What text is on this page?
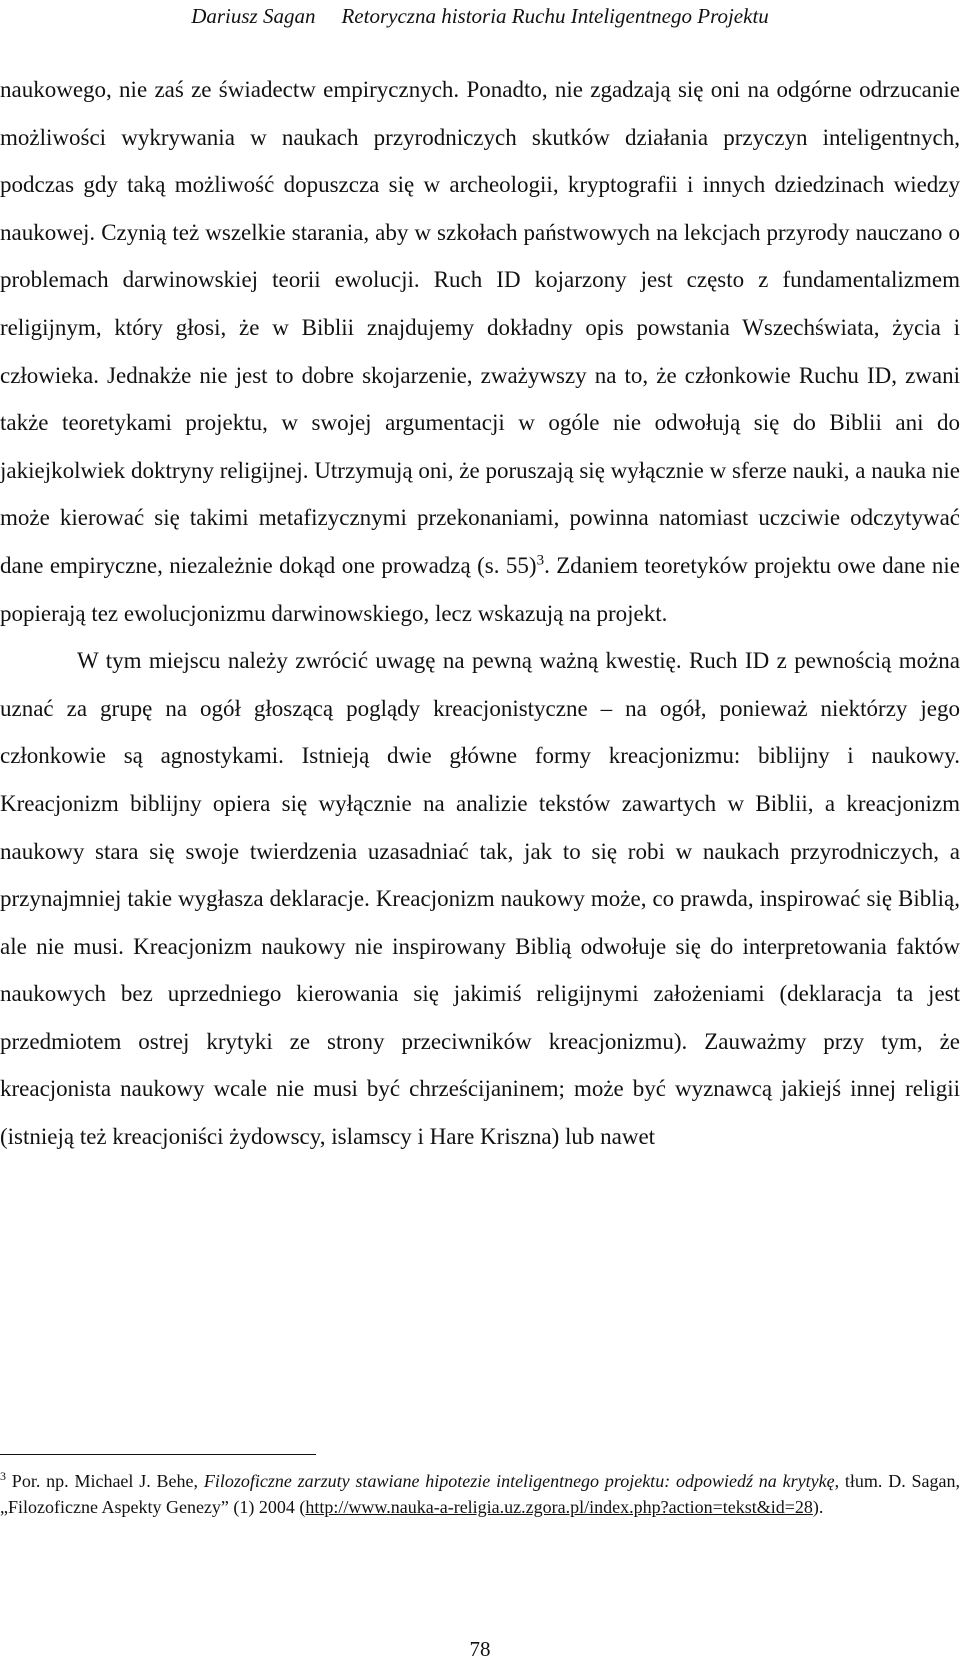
Dariusz Sagan Retoryczna historia Ruchu Inteligentnego Projektu

naukowego, nie zaś ze świadectw empirycznych. Ponadto, nie zgadzają się oni na odgórne odrzucanie możliwości wykrywania w naukach przyrodniczych skutków działania przyczyn inteligentnych, podczas gdy taką możliwość dopuszcza się w archeologii, kryptografii i innych dziedzinach wiedzy naukowej. Czynią też wszelkie starania, aby w szkołach państwowych na lekcjach przyrody nauczano o problemach darwinowskiej teorii ewolucji. Ruch ID kojarzony jest często z fundamentalizmem religijnym, który głosi, że w Biblii znajdujemy dokładny opis powstania Wszechświata, życia i człowieka. Jednakże nie jest to dobre skojarzenie, zważywszy na to, że członkowie Ruchu ID, zwani także teoretykami projektu, w swojej argumentacji w ogóle nie odwołują się do Biblii ani do jakiejkolwiek doktryny religijnej. Utrzymują oni, że poruszają się wyłącznie w sferze nauki, a nauka nie może kierować się takimi metafizycznymi przekonaniami, powinna natomiast uczciwie odczytywać dane empiryczne, niezależnie dokąd one prowadzą (s. 55)$^3$. Zdaniem teoretyków projektu owe dane nie popierają tez ewolucjonizmu darwinowskiego, lecz wskazują na projekt.

W tym miejscu należy zwrócić uwagę na pewną ważną kwestię. Ruch ID z pewnością można uznać za grupę na ogół głoszącą poglądy kreacjonistyczne – na ogół, ponieważ niektórzy jego członkowie są agnostykami. Istnieją dwie główne formy kreacjonizmu: biblijny i naukowy. Kreacjonizm biblijny opiera się wyłącznie na analizie tekstów zawartych w Biblii, a kreacjonizm naukowy stara się swoje twierdzenia uzasadniać tak, jak to się robi w naukach przyrodniczych, a przynajmniej takie wygłasza deklaracje. Kreacjonizm naukowy może, co prawda, inspirować się Biblią, ale nie musi. Kreacjonizm naukowy nie inspirowany Biblią odwołuje się do interpretowania faktów naukowych bez uprzedniego kierowania się jakimiś religijnymi założeniami (deklaracja ta jest przedmiotem ostrej krytyki ze strony przeciwników kreacjonizmu). Zauważmy przy tym, że kreacjonista naukowy wcale nie musi być chrześcijaninem; może być wyznawcą jakiejś innej religii (istnieją też kreacjoniści żydowscy, islamscy i Hare Kriszna) lub nawet

$^3$ Por. np. Michael J. Behe, Filozoficzne zarzuty stawiane hipotezie inteligentnego projektu: odpowiedź na krytykę, tłum. D. Sagan, „Filozoficzne Aspekty Genezy” (1) 2004 (http://www.nauka-a-religia.uz.zgora.pl/index.php?action=tekst&id=28).
78
